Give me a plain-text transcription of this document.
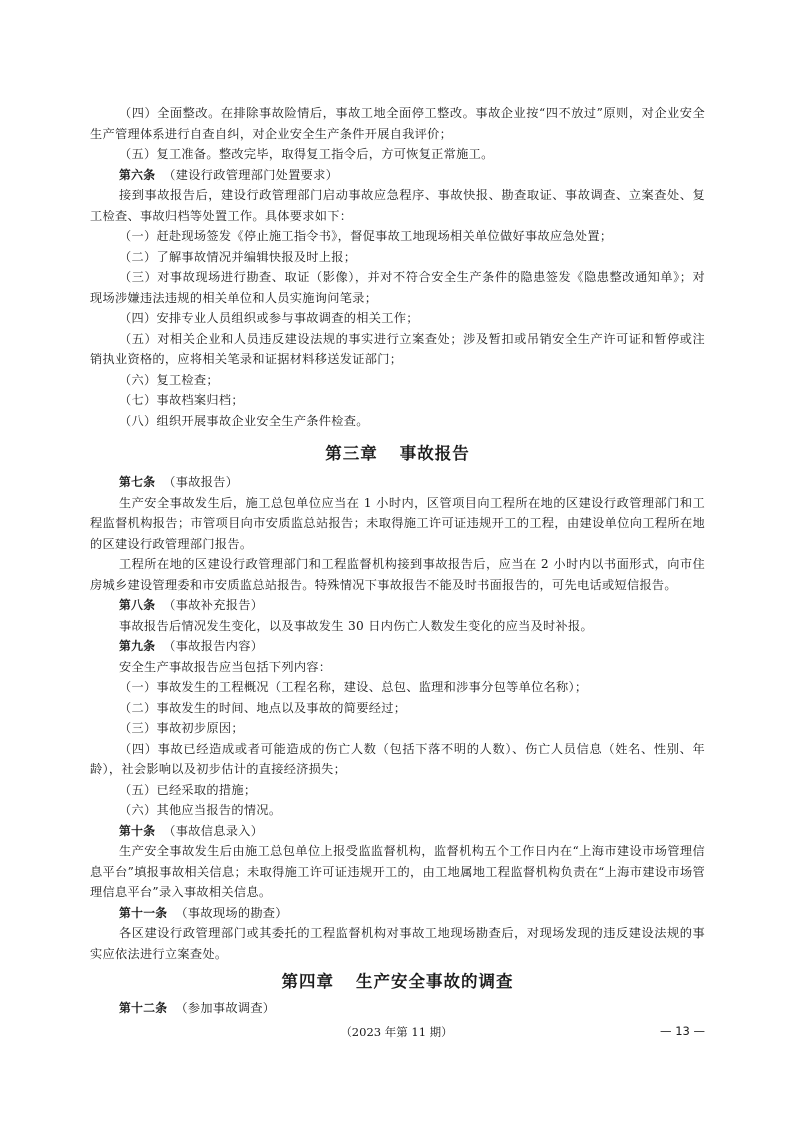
（四）全面整改。在排除事故险情后，事故工地全面停工整改。事故企业按“四不放过”原则，对企业安全生产管理体系进行自查自纠，对企业安全生产条件开展自我评价；

（五）复工准备。整改完毕，取得复工指令后，方可恢复正常施工。

第六条 （建设行政管理部门处置要求）

接到事故报告后，建设行政管理部门启动事故应急程序、事故快报、勘查取证、事故调查、立案查处、复工检查、事故归档等处置工作。具体要求如下：

（一）赶赴现场签发《停止施工指令书》，督促事故工地现场相关单位做好事故应急处置；

（二）了解事故情况并编辑快报及时上报；

（三）对事故现场进行勘查、取证（影像），并对不符合安全生产条件的隐患签发《隐患整改通知单》；对现场涉嫌违法违规的相关单位和人员实施询问笔录；

（四）安排专业人员组织或参与事故调查的相关工作；

（五）对相关企业和人员违反建设法规的事实进行立案查处；涉及暂扣或吊销安全生产许可证和暂停或注销执业资格的，应将相关笔录和证据材料移送发证部门；

（六）复工检查；

（七）事故档案归档；

（八）组织开展事故企业安全生产条件检查。

第三章 事故报告

第七条 （事故报告）

生产安全事故发生后，施工总包单位应当在 1 小时内，区管项目向工程所在地的区建设行政管理部门和工程监督机构报告；市管项目向市安质监总站报告；未取得施工许可证违规开工的工程，由建设单位向工程所在地的区建设行政管理部门报告。

工程所在地的区建设行政管理部门和工程监督机构接到事故报告后，应当在 2 小时内以书面形式，向市住房城乡建设管理委和市安质监总站报告。特殊情况下事故报告不能及时书面报告的，可先电话或短信报告。

第八条 （事故补充报告）

事故报告后情况发生变化，以及事故发生 30 日内伤亡人数发生变化的应当及时补报。

第九条 （事故报告内容）

安全生产事故报告应当包括下列内容：

（一）事故发生的工程概况（工程名称，建设、总包、监理和涉事分包等单位名称）；

（二）事故发生的时间、地点以及事故的简要经过；

（三）事故初步原因；

（四）事故已经造成或者可能造成的伤亡人数（包括下落不明的人数）、伤亡人员信息（姓名、性别、年龄），社会影响以及初步估计的直接经济损失；

（五）已经采取的措施；

（六）其他应当报告的情况。

第十条 （事故信息录入）

生产安全事故发生后由施工总包单位上报受监监督机构，监督机构五个工作日内在“上海市建设市场管理信息平台”填报事故相关信息；未取得施工许可证违规开工的，由工地属地工程监督机构负责在“上海市建设市场管理信息平台”录入事故相关信息。

第十一条 （事故现场的勘查）

各区建设行政管理部门或其委托的工程监督机构对事故工地现场勘查后，对现场发现的违反建设法规的事实应依法进行立案查处。

第四章 生产安全事故的调查

第十二条 （参加事故调查）

（2023 年第 11 期）	— 13 —
